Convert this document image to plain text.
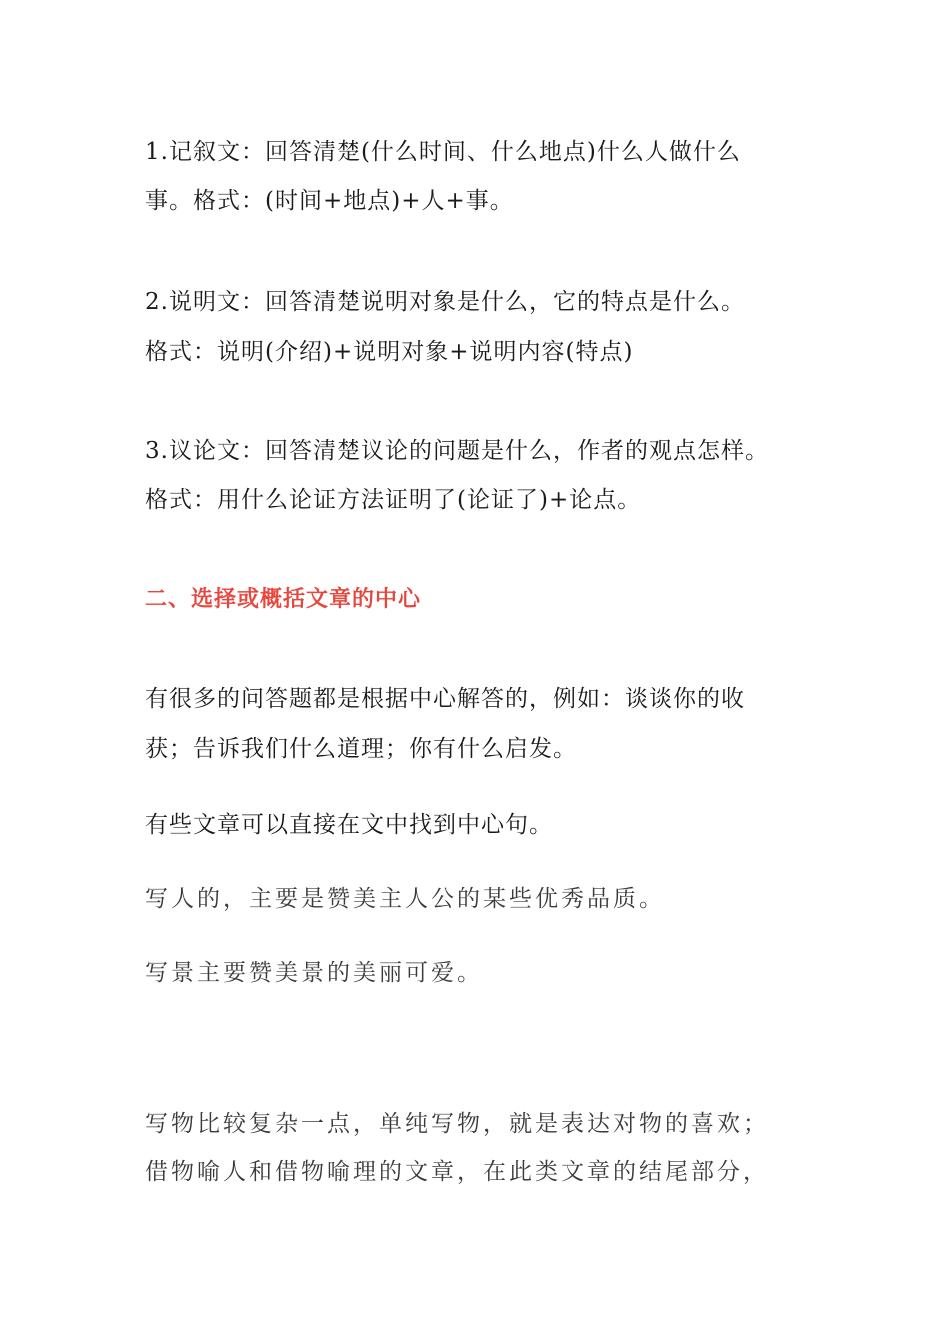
1.记叙文：回答清楚(什么时间、什么地点)什么人做什么
事。格式：(时间+地点)+人+事。
2.说明文：回答清楚说明对象是什么，它的特点是什么。
格式：说明(介绍)+说明对象+说明内容(特点)
3.议论文：回答清楚议论的问题是什么，作者的观点怎样。
格式：用什么论证方法证明了(论证了)+论点。
二、选择或概括文章的中心
有很多的问答题都是根据中心解答的，例如：谈谈你的收
获；告诉我们什么道理；你有什么启发。
有些文章可以直接在文中找到中心句。
写人的，主要是赞美主人公的某些优秀品质。
写景主要赞美景的美丽可爱。
写物比较复杂一点，单纯写物，就是表达对物的喜欢；
借物喻人和借物喻理的文章，在此类文章的结尾部分，
